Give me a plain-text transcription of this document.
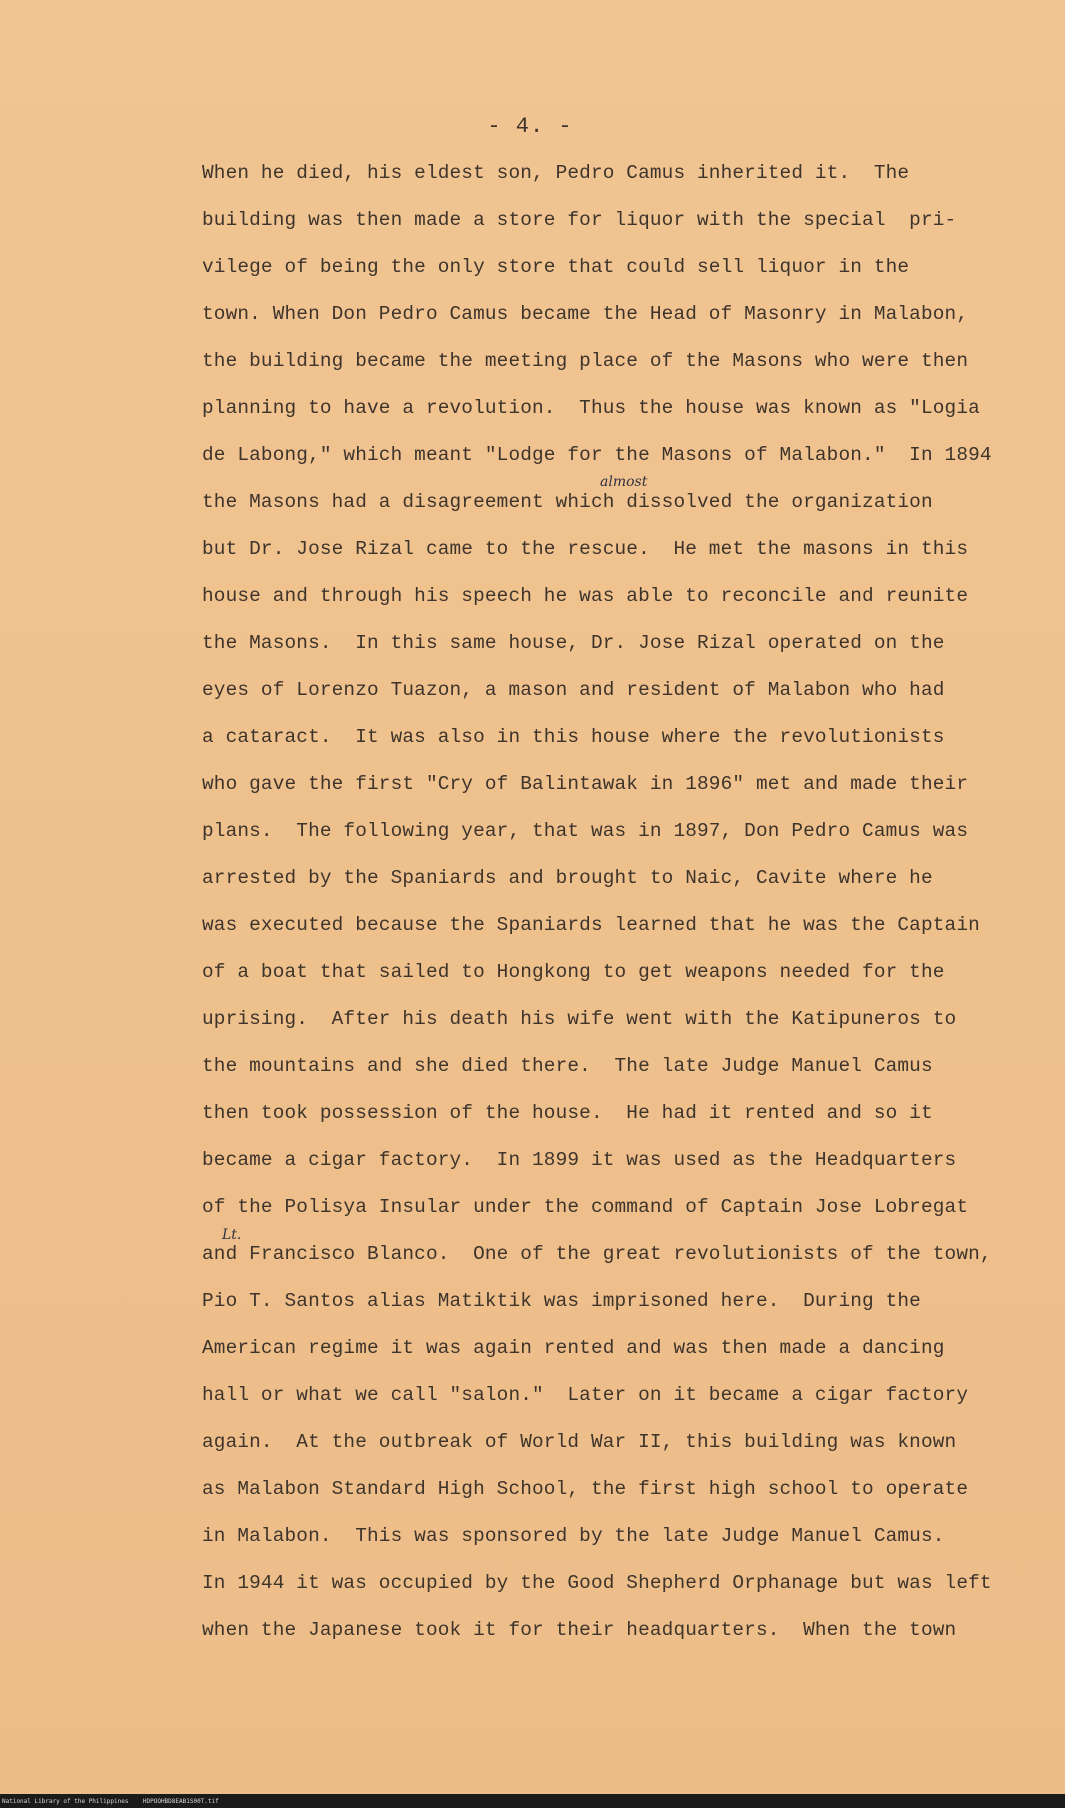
- 4. -
When he died, his eldest son, Pedro Camus inherited it.  The
building was then made a store for liquor with the special  pri-
vilege of being the only store that could sell liquor in the
town. When Don Pedro Camus became the Head of Masonry in Malabon,
the building became the meeting place of the Masons who were then
planning to have a revolution.  Thus the house was known as "Logia
de Labong," which meant "Lodge for the Masons of Malabon."  In 1894
the Masons had a disagreement which dissolved the organization
but Dr. Jose Rizal came to the rescue.  He met the masons in this
house and through his speech he was able to reconcile and reunite
the Masons.  In this same house, Dr. Jose Rizal operated on the
eyes of Lorenzo Tuazon, a mason and resident of Malabon who had
a cataract.  It was also in this house where the revolutionists
who gave the first "Cry of Balintawak in 1896" met and made their
plans.  The following year, that was in 1897, Don Pedro Camus was
arrested by the Spaniards and brought to Naic, Cavite where he
was executed because the Spaniards learned that he was the Captain
of a boat that sailed to Hongkong to get weapons needed for the
uprising.  After his death his wife went with the Katipuneros to
the mountains and she died there.  The late Judge Manuel Camus
then took possession of the house.  He had it rented and so it
became a cigar factory.  In 1899 it was used as the Headquarters
of the Polisya Insular under the command of Captain Jose Lobregat
and Francisco Blanco.  One of the great revolutionists of the town,
Pio T. Santos alias Matiktik was imprisoned here.  During the
American regime it was again rented and was then made a dancing
hall or what we call "salon."  Later on it became a cigar factory
again.  At the outbreak of World War II, this building was known
as Malabon Standard High School, the first high school to operate
in Malabon.  This was sponsored by the late Judge Manuel Camus.
In 1944 it was occupied by the Good Shepherd Orphanage but was left
when the Japanese took it for their headquarters.  When the town
almost
Lt.
National Library of the Philippines    HDPOOHBD8EAB1S00T.tif
